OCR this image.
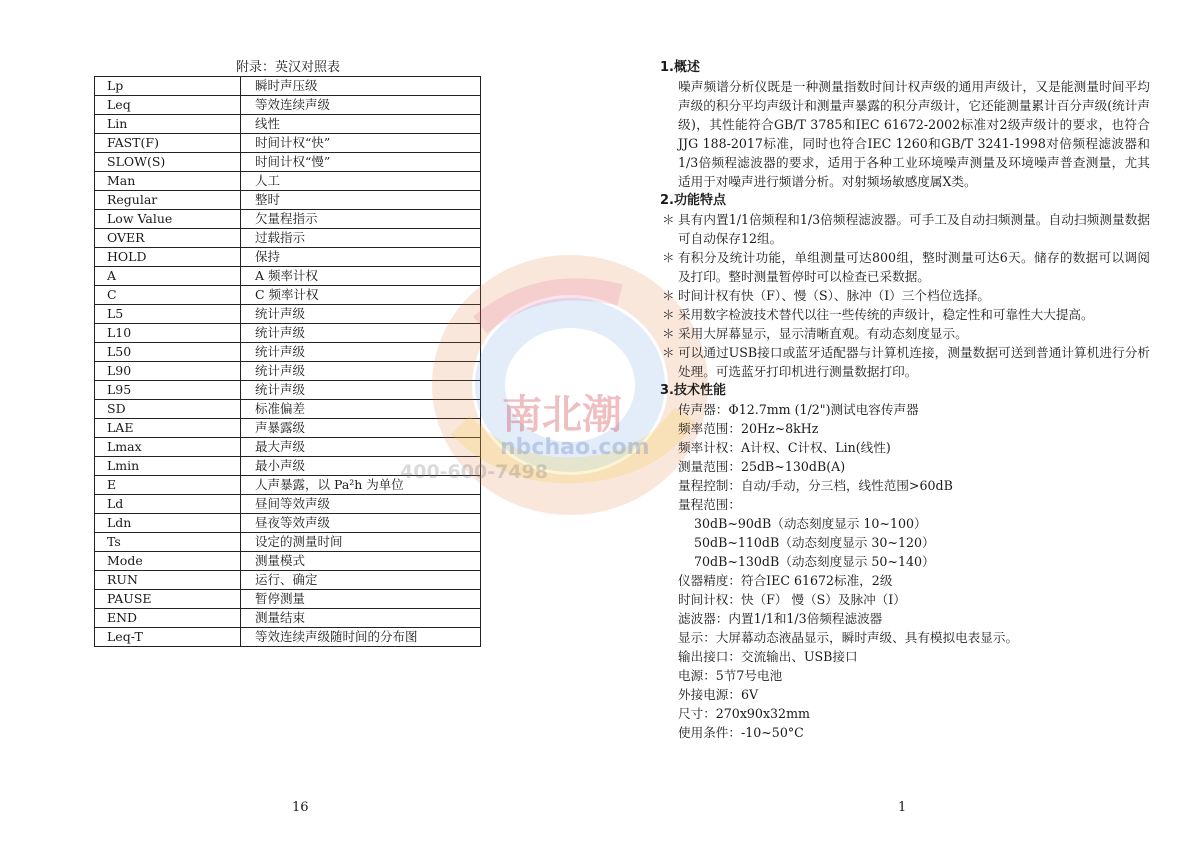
附录：英汉对照表
Lp	瞬时声压级
Leq	等效连续声级
Lin	线性
FAST(F)	时间计权“快”
SLOW(S)	时间计权“慢”
Man	人工
Regular	整时
Low Value	欠量程指示
OVER	过载指示
HOLD	保持
A	A 频率计权
C	C 频率计权
L5	统计声级
L10	统计声级
L50	统计声级
L90	统计声级
L95	统计声级
SD	标准偏差
LAE	声暴露级
Lmax	最大声级
Lmin	最小声级
E	人声暴露，以 Pa²h 为单位
Ld	昼间等效声级
Ldn	昼夜等效声级
Ts	设定的测量时间
Mode	测量模式
RUN	运行、确定
PAUSE	暂停测量
END	测量结束
Leq-T	等效连续声级随时间的分布图
16
南北潮
nbchao.com
400-600-7498
1.概述
噪声频谱分析仪既是一种测量指数时间计权声级的通用声级计，又是能测量时间平均声级的积分平均声级计和测量声暴露的积分声级计，它还能测量累计百分声级(统计声级)，其性能符合GB/T 3785和IEC 61672-2002标准对2级声级计的要求，也符合JJG 188-2017标准，同时也符合IEC 1260和GB/T 3241-1998对倍频程滤波器和1/3倍频程滤波器的要求，适用于各种工业环境噪声测量及环境噪声普查测量，尤其适用于对噪声进行频谱分析。对射频场敏感度属X类。
2.功能特点
＊ 具有内置1/1倍频程和1/3倍频程滤波器。可手工及自动扫频测量。自动扫频测量数据可自动保存12组。
＊ 有积分及统计功能，单组测量可达800组，整时测量可达6天。储存的数据可以调阅及打印。整时测量暂停时可以检查已采数据。
＊ 时间计权有快（F）、慢（S）、脉冲（I）三个档位选择。
＊ 采用数字检波技术替代以往一些传统的声级计，稳定性和可靠性大大提高。
＊ 采用大屏幕显示，显示清晰直观。有动态刻度显示。
＊ 可以通过USB接口或蓝牙适配器与计算机连接，测量数据可送到普通计算机进行分析处理。可选蓝牙打印机进行测量数据打印。
3.技术性能
传声器：Φ12.7mm (1/2")测试电容传声器
频率范围：20Hz~8kHz
频率计权：A计权、C计权、Lin(线性)
测量范围：25dB~130dB(A)
量程控制：自动/手动，分三档，线性范围>60dB
量程范围：
30dB~90dB（动态刻度显示 10~100）
50dB~110dB（动态刻度显示 30~120）
70dB~130dB（动态刻度显示 50~140）
仪器精度：符合IEC 61672标准，2级
时间计权：快（F） 慢（S）及脉冲（I）
滤波器：内置1/1和1/3倍频程滤波器
显示：大屏幕动态液晶显示，瞬时声级、具有模拟电表显示。
输出接口：交流输出、USB接口
电源：5节7号电池
外接电源：6V
尺寸：270x90x32mm
使用条件：-10~50°C
1
